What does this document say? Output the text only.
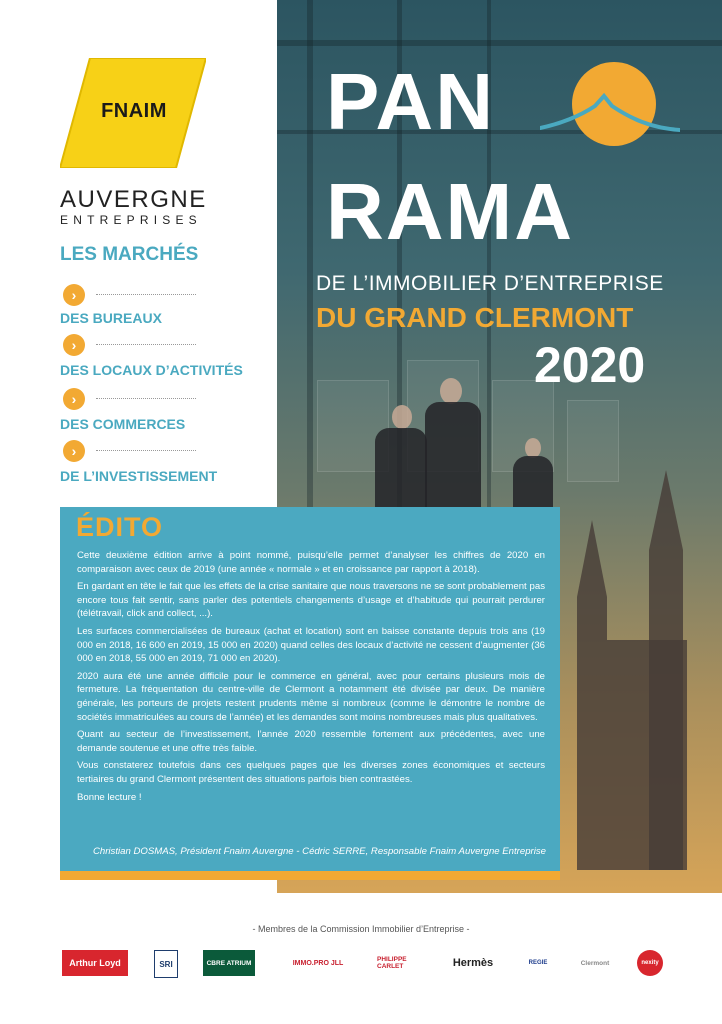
FNAIM
AUVERGNE
ENTREPRISES
LES MARCHÉS
›
DES BUREAUX
›
DES LOCAUX D’ACTIVITÉS
›
DES COMMERCES
›
DE L’INVESTISSEMENT
PAN
RAMA
DE L’IMMOBILIER D’ENTREPRISE
DU GRAND CLERMONT
2020
ÉDITO

Cette deuxième édition arrive à point nommé, puisqu’elle permet d’analyser les chiffres de 2020 en comparaison avec ceux de 2019 (une année « normale » et en croissance par rapport à 2018).

En gardant en tête le fait que les effets de la crise sanitaire que nous traversons ne se sont probablement pas encore tous fait sentir, sans parler des potentiels changements d’usage et d’habitude qui pourrait perdurer (télétravail, click and collect, ...).

Les surfaces commercialisées de bureaux (achat et location) sont en baisse constante depuis trois ans (19 000 en 2018, 16 600 en 2019, 15 000 en 2020) quand celles des locaux d’activité ne cessent d’augmenter (36 000 en 2018, 55 000 en 2019, 71 000 en 2020).

2020 aura été une année difficile pour le commerce en général, avec pour certains plusieurs mois de fermeture. La fréquentation du centre-ville de Clermont a notamment été divisée par deux. De manière générale, les porteurs de projets restent prudents même si nombreux (comme le démontre le nombre de sociétés immatriculées au cours de l’année) et les demandes sont moins nombreuses mais plus qualitatives.

Quant au secteur de l’investissement, l’année 2020 ressemble fortement aux précédentes, avec une demande soutenue et une offre très faible.

Vous constaterez toutefois dans ces quelques pages que les diverses zones économiques et secteurs tertiaires du grand Clermont présentent des situations parfois bien contrastées.

Bonne lecture !

Christian DOSMAS, Président Fnaim Auvergne - Cédric SERRE, Responsable Fnaim Auvergne Entreprise
- Membres de la Commission Immobilier d’Entreprise -
Arthur Loyd	SRI	CBRE ATRIUM	IMMO.PRO JLL	PHILIPPE CARLET	Hermès	REGIE	Clermont	nexity
